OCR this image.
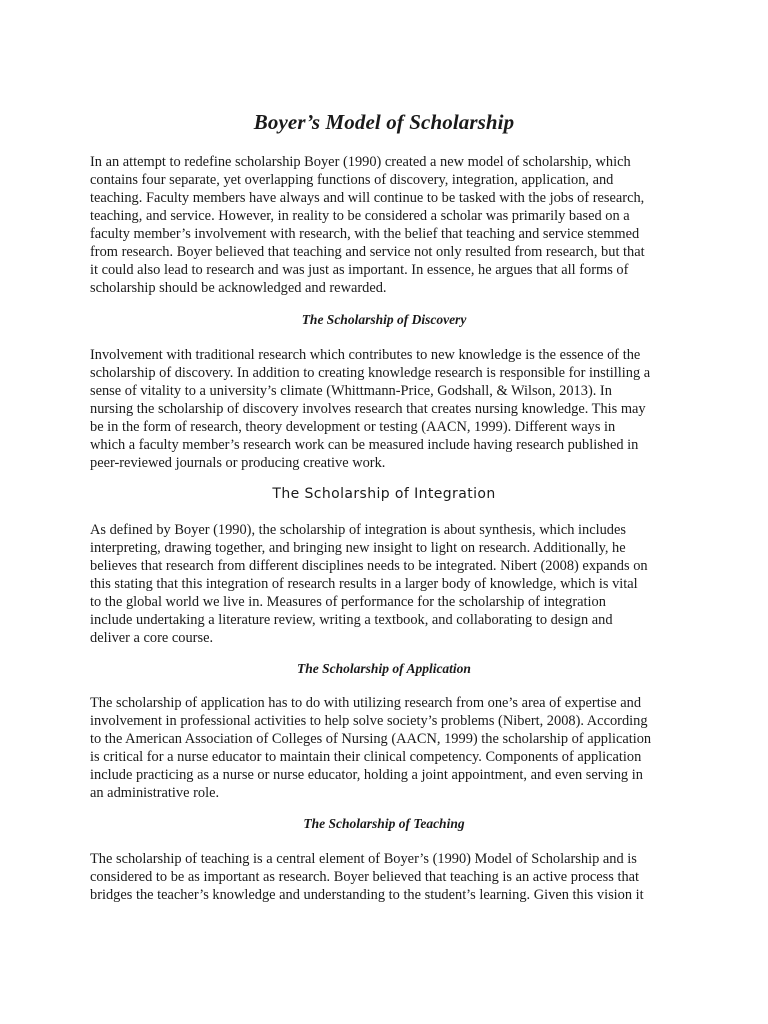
Boyer’s Model of Scholarship

In an attempt to redefine scholarship Boyer (1990) created a new model of scholarship, which
contains four separate, yet overlapping functions of discovery, integration, application, and
teaching. Faculty members have always and will continue to be tasked with the jobs of research,
teaching, and service. However, in reality to be considered a scholar was primarily based on a
faculty member’s involvement with research, with the belief that teaching and service stemmed
from research. Boyer believed that teaching and service not only resulted from research, but that
it could also lead to research and was just as important. In essence, he argues that all forms of
scholarship should be acknowledged and rewarded.

The Scholarship of Discovery

Involvement with traditional research which contributes to new knowledge is the essence of the
scholarship of discovery. In addition to creating knowledge research is responsible for instilling a
sense of vitality to a university’s climate (Whittmann-Price, Godshall, & Wilson, 2013). In
nursing the scholarship of discovery involves research that creates nursing knowledge. This may
be in the form of research, theory development or testing (AACN, 1999). Different ways in
which a faculty member’s research work can be measured include having research published in
peer-reviewed journals or producing creative work.

The Scholarship of Integration

As defined by Boyer (1990), the scholarship of integration is about synthesis, which includes
interpreting, drawing together, and bringing new insight to light on research. Additionally, he
believes that research from different disciplines needs to be integrated. Nibert (2008) expands on
this stating that this integration of research results in a larger body of knowledge, which is vital
to the global world we live in. Measures of performance for the scholarship of integration
include undertaking a literature review, writing a textbook, and collaborating to design and
deliver a core course.

The Scholarship of Application

The scholarship of application has to do with utilizing research from one’s area of expertise and
involvement in professional activities to help solve society’s problems (Nibert, 2008). According
to the American Association of Colleges of Nursing (AACN, 1999) the scholarship of application
is critical for a nurse educator to maintain their clinical competency. Components of application
include practicing as a nurse or nurse educator, holding a joint appointment, and even serving in
an administrative role.

The Scholarship of Teaching

The scholarship of teaching is a central element of Boyer’s (1990) Model of Scholarship and is
considered to be as important as research. Boyer believed that teaching is an active process that
bridges the teacher’s knowledge and understanding to the student’s learning. Given this vision it
